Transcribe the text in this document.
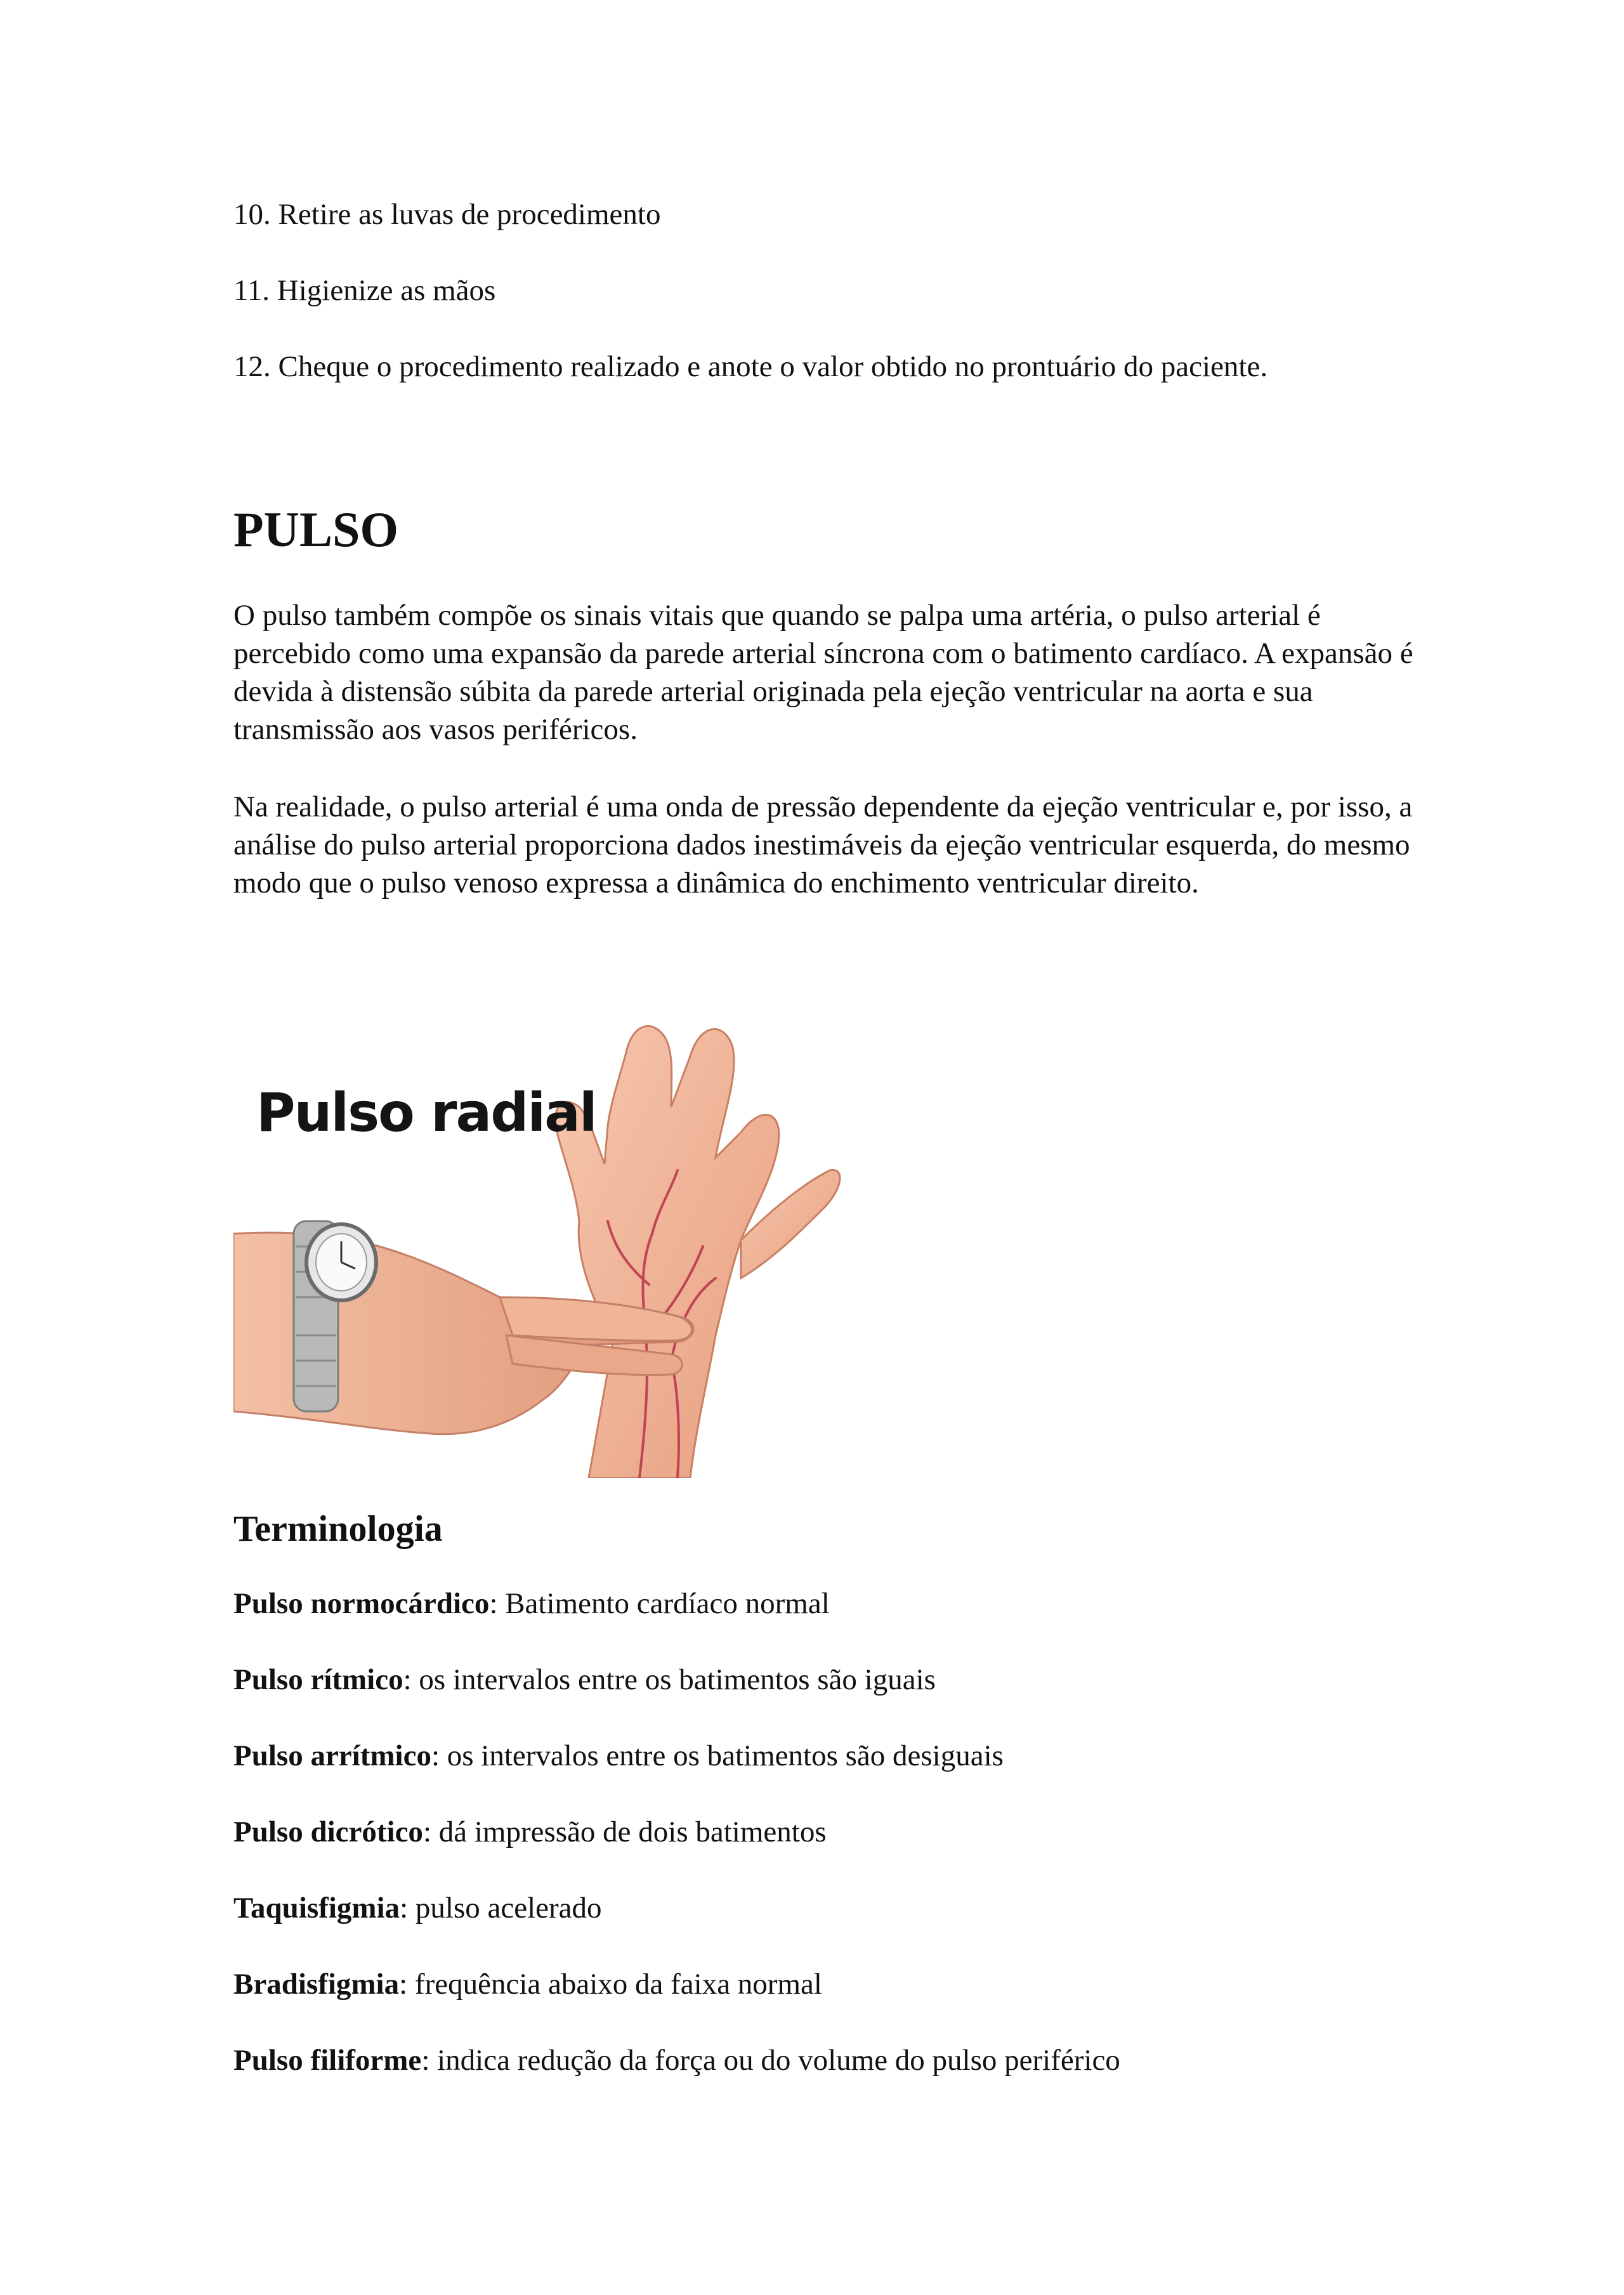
10. Retire as luvas de procedimento
11. Higienize as mãos
12. Cheque o procedimento realizado e anote o valor obtido no prontuário do paciente.
PULSO

O pulso também compõe os sinais vitais que quando se palpa uma artéria, o pulso arterial é percebido como uma expansão da parede arterial síncrona com o batimento cardíaco. A expansão é devida à distensão súbita da parede arterial originada pela ejeção ventricular na aorta e sua transmissão aos vasos periféricos.

Na realidade, o pulso arterial é uma onda de pressão dependente da ejeção ventricular e, por isso, a análise do pulso arterial proporciona dados inestimáveis da ejeção ventricular esquerda, do mesmo modo que o pulso venoso expressa a dinâmica do enchimento ventricular direito.

Pulso radial
Terminologia
Pulso normocárdico: Batimento cardíaco normal
Pulso rítmico: os intervalos entre os batimentos são iguais
Pulso arrítmico: os intervalos entre os batimentos são desiguais
Pulso dicrótico: dá impressão de dois batimentos
Taquisfigmia: pulso acelerado
Bradisfigmia: frequência abaixo da faixa normal
Pulso filiforme: indica redução da força ou do volume do pulso periférico
